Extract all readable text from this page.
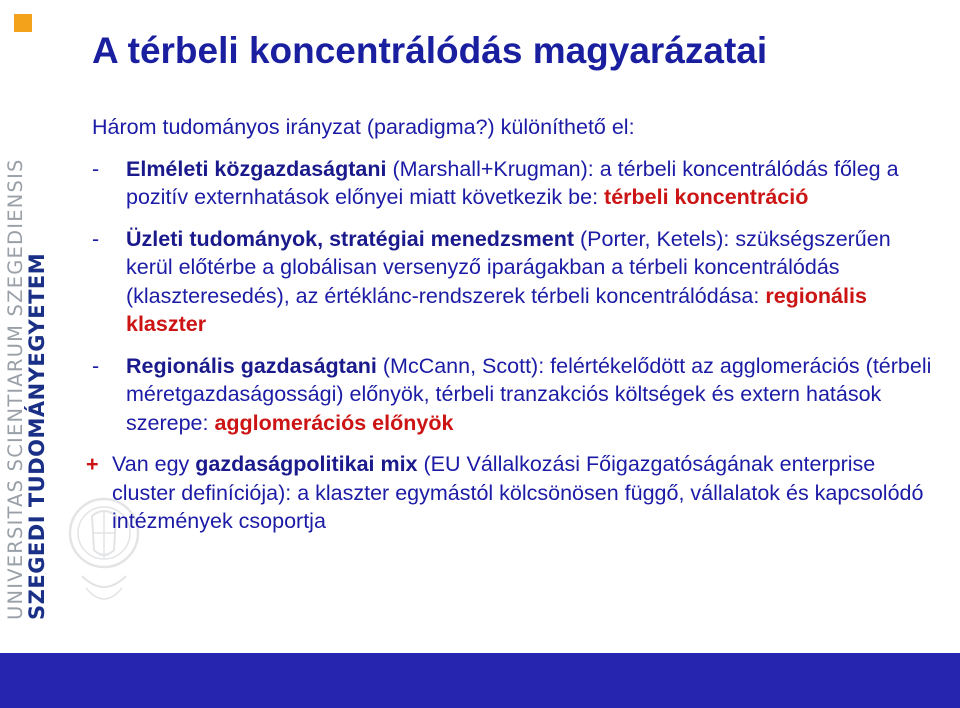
UNIVERSITAS SCIENTIARUM SZEGEDIENSIS
SZEGEDI TUDOMÁNYEGYETEM
A térbeli koncentrálódás magyarázatai

Három tudományos irányzat (paradigma?) különíthető el:

- Elméleti közgazdaságtani (Marshall+Krugman): a térbeli koncentrálódás főleg a pozitív externhatások előnyei miatt következik be: térbeli koncentráció
- Üzleti tudományok, stratégiai menedzsment (Porter, Ketels): szükségszerűen kerül előtérbe a globálisan versenyző iparágakban a térbeli koncentrálódás (klaszteresedés), az értéklánc-rendszerek térbeli koncentrálódása: regionális klaszter
- Regionális gazdaságtani (McCann, Scott): felértékelődött az agglomerációs (térbeli méretgazdaságossági) előnyök, térbeli tranzakciós költségek és extern hatások szerepe: agglomerációs előnyök
+ Van egy gazdaságpolitikai mix (EU Vállalkozási Főigazgatóságának enterprise cluster definíciója): a klaszter egymástól kölcsönösen függő, vállalatok és kapcsolódó intézmények csoportja
